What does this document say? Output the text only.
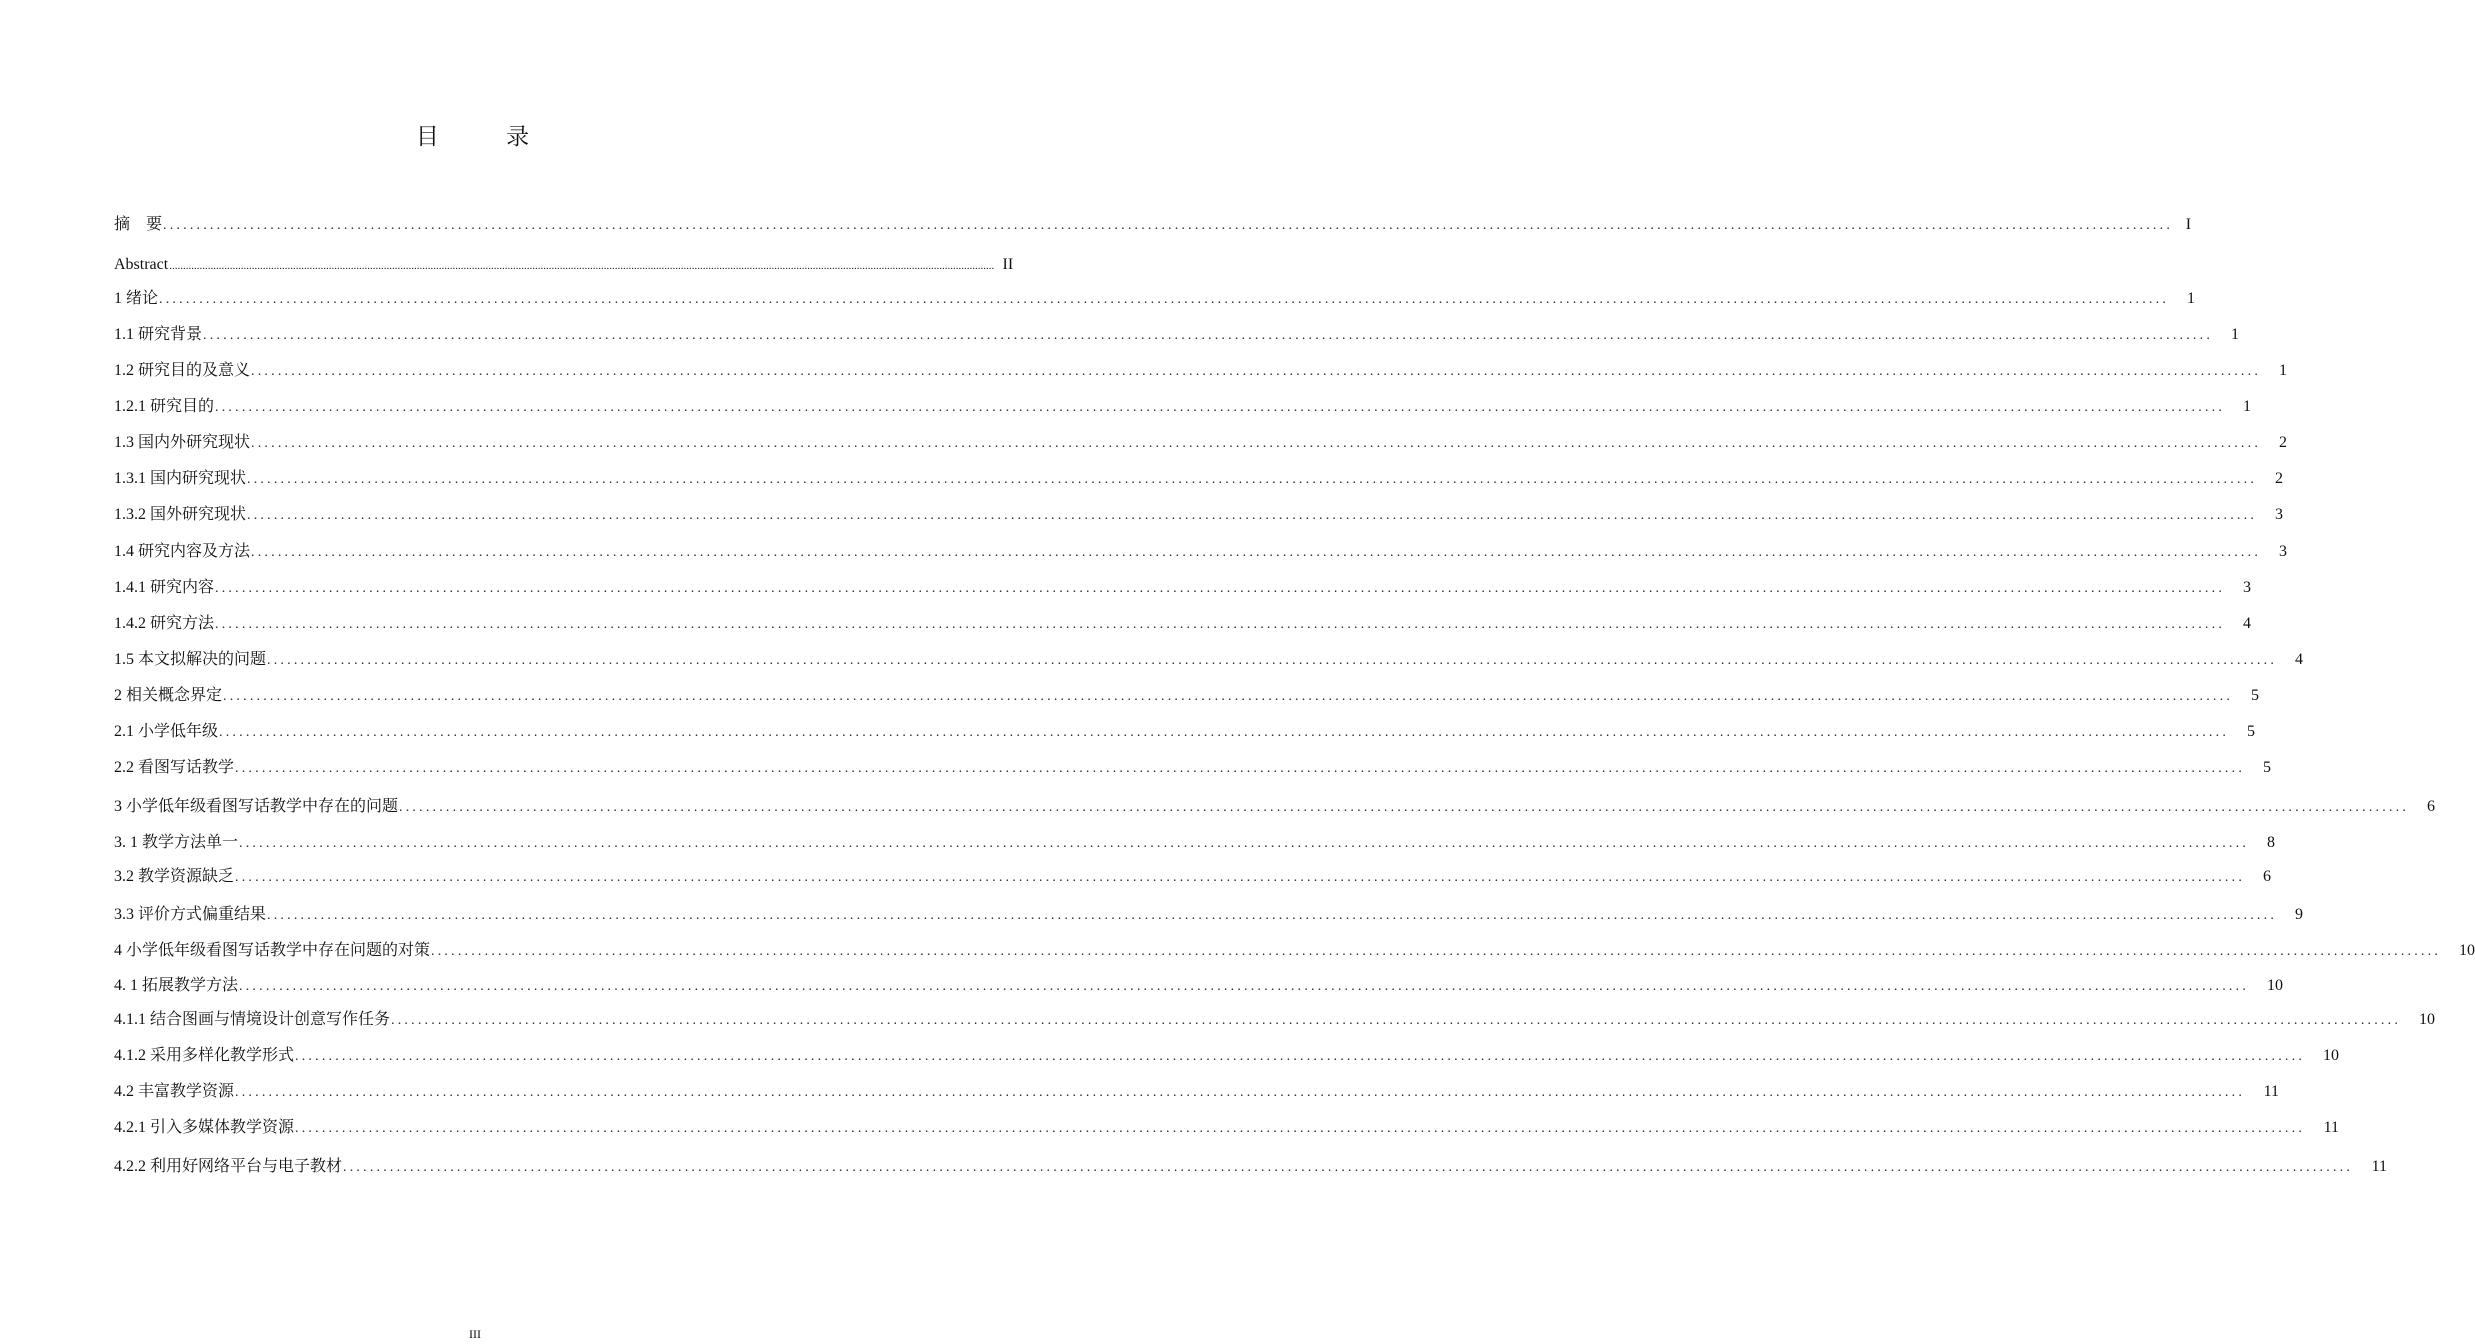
目 录
摘　要 ............................................................................................................................................................................................................................................................................................................ I
Abstract ............................................................................................................................................................................................................................................................................................................ II
1 绪论 ............................................................................................................................................................................................................................................................................................................	1
1.1 研究背景 ............................................................................................................................................................................................................................................................................................................	1
1.2 研究目的及意义 ............................................................................................................................................................................................................................................................................................................	1
1.2.1 研究目的 ............................................................................................................................................................................................................................................................................................................	1
1.3 国内外研究现状 ............................................................................................................................................................................................................................................................................................................	2
1.3.1 国内研究现状 ............................................................................................................................................................................................................................................................................................................	2
1.3.2 国外研究现状 ............................................................................................................................................................................................................................................................................................................	3
1.4 研究内容及方法 ............................................................................................................................................................................................................................................................................................................	3
1.4.1 研究内容 ............................................................................................................................................................................................................................................................................................................	3
1.4.2 研究方法 ............................................................................................................................................................................................................................................................................................................	4
1.5 本文拟解决的问题 ............................................................................................................................................................................................................................................................................................................	4
2 相关概念界定 ............................................................................................................................................................................................................................................................................................................	5
2.1 小学低年级 ............................................................................................................................................................................................................................................................................................................	5
2.2 看图写话教学 ............................................................................................................................................................................................................................................................................................................	5
3 小学低年级看图写话教学中存在的问题 ............................................................................................................................................................................................................................................................................................................	6
3. 1 教学方法单一 ............................................................................................................................................................................................................................................................................................................	8
3.2 教学资源缺乏 ............................................................................................................................................................................................................................................................................................................	6
3.3 评价方式偏重结果 ............................................................................................................................................................................................................................................................................................................	9
4 小学低年级看图写话教学中存在问题的对策 ............................................................................................................................................................................................................................................................................................................	10
4. 1 拓展教学方法 ............................................................................................................................................................................................................................................................................................................	10
4.1.1 结合图画与情境设计创意写作任务 ............................................................................................................................................................................................................................................................................................................	10
4.1.2 采用多样化教学形式 ............................................................................................................................................................................................................................................................................................................	10
4.2 丰富教学资源 ............................................................................................................................................................................................................................................................................................................	11
4.2.1 引入多媒体教学资源 ............................................................................................................................................................................................................................................................................................................	11
4.2.2 利用好网络平台与电子教材 ............................................................................................................................................................................................................................................................................................................	11
III
